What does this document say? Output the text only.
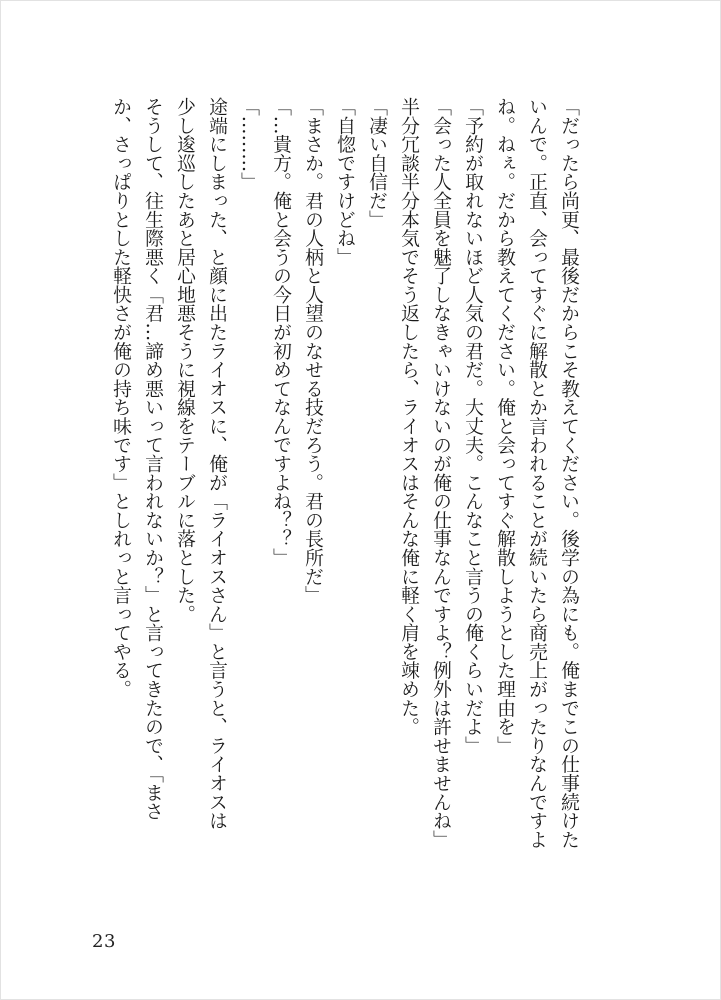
「だったら尚更、最後だからこそ教えてください。後学の為にも。俺までこの仕事続けた

いんで。正直、会ってすぐに解散とか言われることが続いたら商売上がったりなんですよ

ね。ねぇ。だから教えてください。俺と会ってすぐ解散しようとした理由を」

「予約が取れないほど人気の君だ。大丈夫。こんなこと言うの俺くらいだよ」

「会った人全員を魅了しなきゃいけないのが俺の仕事なんですよ？例外は許せませんね」

半分冗談半分本気でそう返したら、ライオスはそんな俺に軽く肩を竦めた。

「凄い自信だ」

「自惚ですけどね」

「まさか。君の人柄と人望のなせる技だろう。君の長所だ」

「…貴方。俺と会うの今日が初めてなんですよね？？」

「………」

途端にしまった、と顔に出たライオスに、俺が「ライオスさん」と言うと、ライオスは

少し逡巡したあと居心地悪そうに視線をテーブルに落とした。

そうして、往生際悪く「君…諦め悪いって言われないか？」と言ってきたので、「まさ

か、さっぱりとした軽快さが俺の持ち味です」としれっと言ってやる。

23
